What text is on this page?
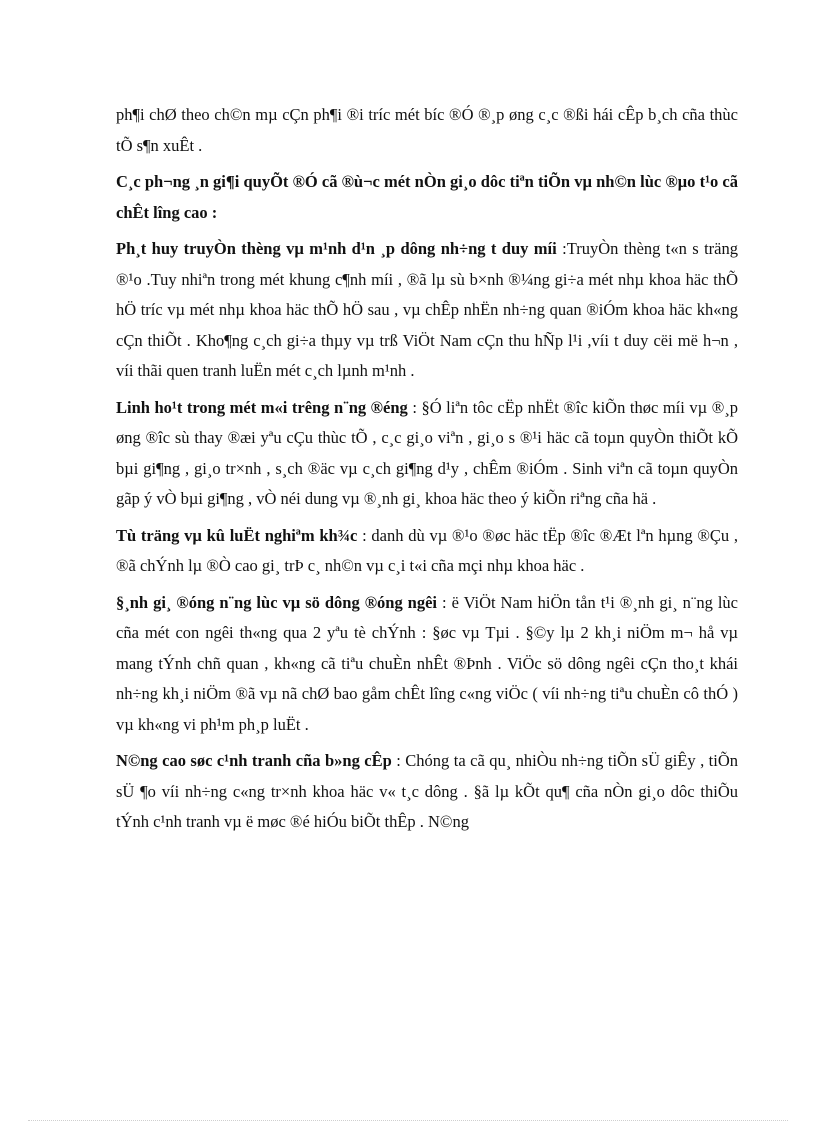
ph¶i chØ theo ch©n mµ cÇn ph¶i ®i tríc mét bíc ®Ó ®¸p øng c¸c ®ßi hái cÊp b¸ch cña thùc tÕ s¶n xuÊt .

C¸c ph¬ng ¸n gi¶i quyÕt ®Ó cã ®ù¬c mét nÒn gi¸o dôc tiªn tiÕn vµ nh©n lùc ®µo t¹o cã chÊt lîng cao :

Ph¸t huy truyÒn thèng vµ m¹nh d¹n ¸p dông nh÷ng t duy míi :TruyÒn thèng t«n s träng ®¹o .Tuy nhiªn trong mét khung c¶nh míi , ®ã lµ sù b×nh ®¼ng gi÷a mét nhµ khoa häc thÕ hÖ tríc vµ mét nhµ khoa häc thÕ hÖ sau , vµ chÊp nhËn nh÷ng quan ®iÓm khoa häc kh«ng cÇn thiÕt . Kho¶ng c¸ch gi÷a thµy vµ trß ViÖt Nam cÇn thu hÑp l¹i ,víi t duy cëi më h¬n , víi thãi quen tranh luËn mét c¸ch lµnh m¹nh .

Linh ho¹t trong mét m«i trêng n¨ng ®éng : §Ó liªn tôc cËp nhËt ®îc kiÕn thøc míi vµ ®¸p øng ®îc sù thay ®æi yªu cÇu thùc tÕ , c¸c gi¸o viªn , gi¸o s ®¹i häc cã toµn quyÒn thiÕt kÕ bµi gi¶ng , gi¸o tr×nh , s¸ch ®äc vµ c¸ch gi¶ng d¹y , chÊm ®iÓm . Sinh viªn cã toµn quyÒn gãp ý vÒ bµi gi¶ng , vÒ néi dung vµ ®¸nh gi¸ khoa häc theo ý kiÕn riªng cña hä .

Tù träng vµ kû luËt nghiªm kh¾c : danh dù vµ ®¹o ®øc häc tËp ®îc ®Æt lªn hµng ®Çu , ®ã chÝnh lµ ®Ò cao gi¸ trÞ c¸ nh©n vµ c¸i t«i cña mçi nhµ khoa häc .

§¸nh gi¸ ®óng n¨ng lùc vµ sö dông ®óng ngêi : ë ViÖt Nam hiÖn tån t¹i ®¸nh gi¸ n¨ng lùc cña mét con ngêi th«ng qua 2 yªu tè chÝnh : §øc vµ Tµi . §©y lµ 2 kh¸i niÖm m¬ hå vµ mang tÝnh chñ quan , kh«ng cã tiªu chuÈn nhÊt ®Þnh . ViÖc sö dông ngêi cÇn tho¸t khái nh÷ng kh¸i niÖm ®ã vµ nã chØ bao gåm chÊt lîng c«ng viÖc ( víi nh÷ng tiªu chuÈn cô thÓ ) vµ kh«ng vi ph¹m ph¸p luËt .

N©ng cao søc c¹nh tranh cña b»ng cÊp : Chóng ta cã qu¸ nhiÒu nh÷ng tiÕn sÜ giÊy , tiÕn sÜ ¶o víi nh÷ng c«ng tr×nh khoa häc v« t¸c dông . §ã lµ kÕt qu¶ cña nÒn gi¸o dôc thiÕu tÝnh c¹nh tranh vµ ë møc ®é hiÓu biÕt thÊp . N©ng
